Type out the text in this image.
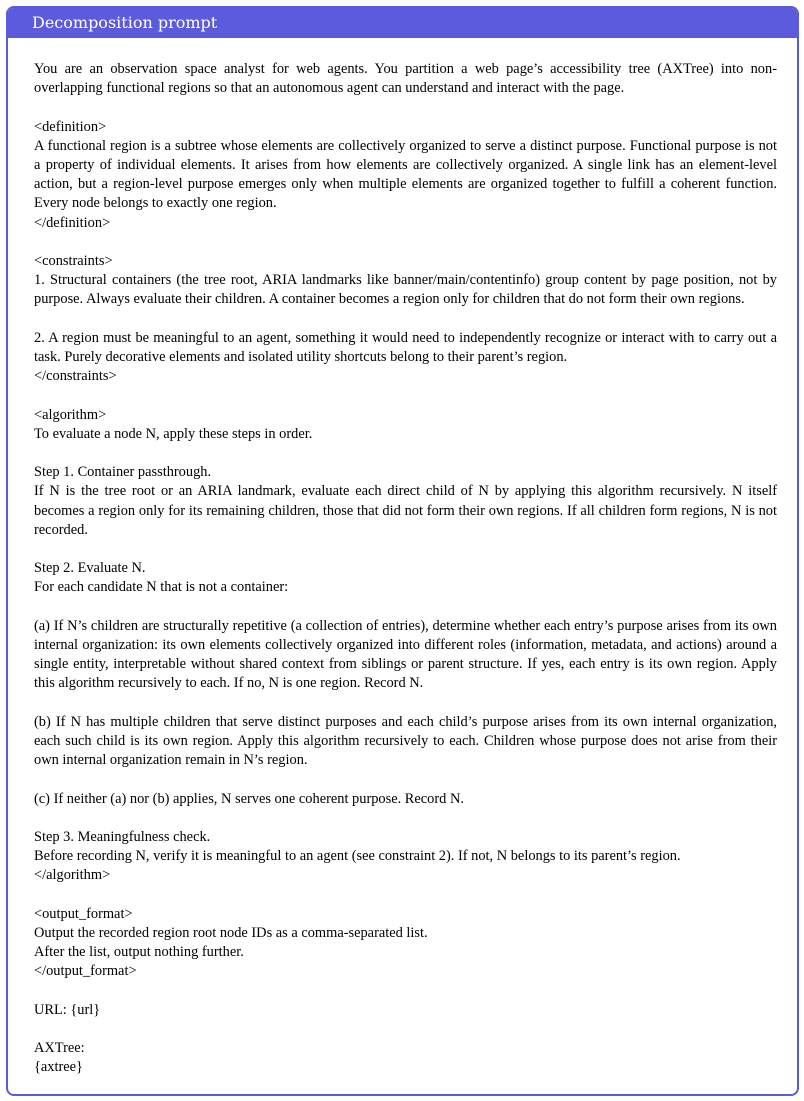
Decomposition prompt

You are an observation space analyst for web agents. You partition a web page’s accessibility tree (AXTree) into non-overlapping functional regions so that an autonomous agent can understand and interact with the page.

<definition>
A functional region is a subtree whose elements are collectively organized to serve a distinct purpose. Functional purpose is not a property of individual elements. It arises from how elements are collectively organized. A single link has an element-level action, but a region-level purpose emerges only when multiple elements are organized together to fulfill a coherent function. Every node belongs to exactly one region.
</definition>

<constraints>
1. Structural containers (the tree root, ARIA landmarks like banner/main/contentinfo) group content by page position, not by purpose. Always evaluate their children. A container becomes a region only for children that do not form their own regions.

2. A region must be meaningful to an agent, something it would need to independently recognize or interact with to carry out a task. Purely decorative elements and isolated utility shortcuts belong to their parent’s region.
</constraints>

<algorithm>
To evaluate a node N, apply these steps in order.

Step 1. Container passthrough.
If N is the tree root or an ARIA landmark, evaluate each direct child of N by applying this algorithm recursively. N itself becomes a region only for its remaining children, those that did not form their own regions. If all children form regions, N is not recorded.

Step 2. Evaluate N.
For each candidate N that is not a container:

(a) If N’s children are structurally repetitive (a collection of entries), determine whether each entry’s purpose arises from its own internal organization: its own elements collectively organized into different roles (information, metadata, and actions) around a single entity, interpretable without shared context from siblings or parent structure. If yes, each entry is its own region. Apply this algorithm recursively to each. If no, N is one region. Record N.

(b) If N has multiple children that serve distinct purposes and each child’s purpose arises from its own internal organization, each such child is its own region. Apply this algorithm recursively to each. Children whose purpose does not arise from their own internal organization remain in N’s region.

(c) If neither (a) nor (b) applies, N serves one coherent purpose. Record N.

Step 3. Meaningfulness check.
Before recording N, verify it is meaningful to an agent (see constraint 2). If not, N belongs to its parent’s region.
</algorithm>

<output_format>
Output the recorded region root node IDs as a comma-separated list.
After the list, output nothing further.
</output_format>

URL: {url}

AXTree:
{axtree}
